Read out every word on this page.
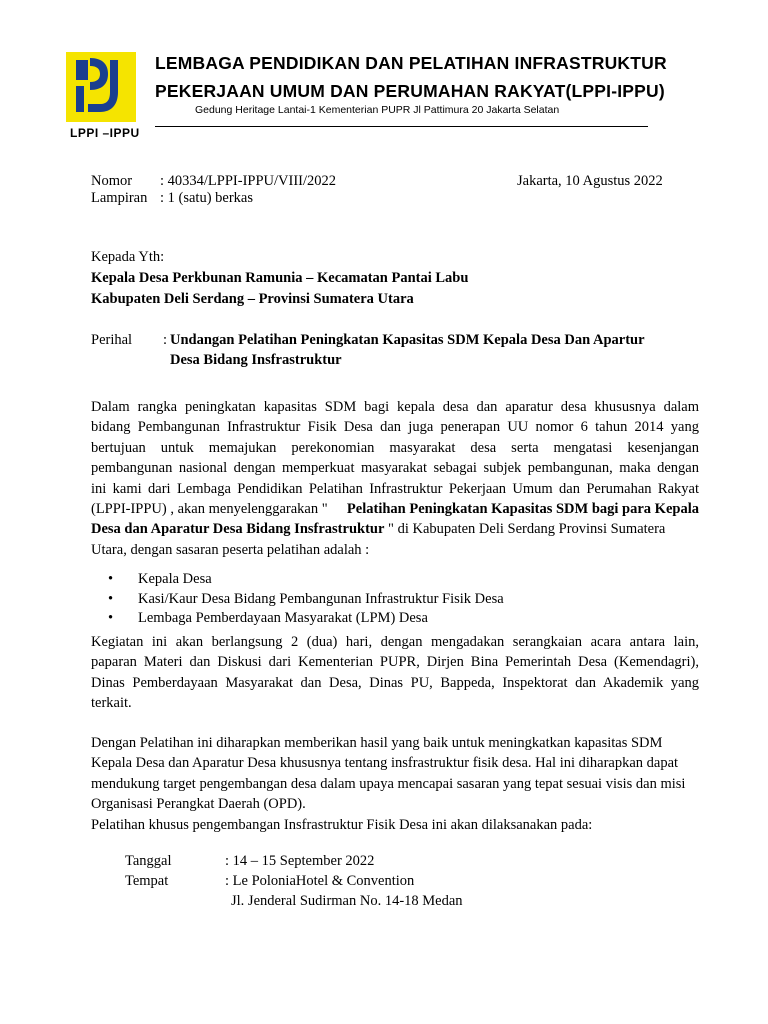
LPPI –IPPU
LEMBAGA PENDIDIKAN DAN PELATIHAN INFRASTRUKTUR
PEKERJAAN UMUM DAN PERUMAHAN RAKYAT(LPPI-IPPU)
Gedung Heritage Lantai-1 Kementerian PUPR Jl Pattimura 20 Jakarta Selatan
Nomor : 40334/LPPI-IPPU/VIII/2022	Jakarta, 10 Agustus 2022
Lampiran : 1 (satu) berkas
Kepada Yth:
Kepala Desa Perkbunan Ramunia – Kecamatan Pantai Labu
Kabupaten Deli Serdang – Provinsi Sumatera Utara
Perihal : Undangan Pelatihan Peningkatan Kapasitas SDM Kepala Desa Dan Apartur
Desa Bidang Insfrastruktur
Dalam rangka peningkatan kapasitas SDM bagi kepala desa dan aparatur desa khususnya dalam
bidang Pembangunan Infrastruktur Fisik Desa dan juga penerapan UU nomor 6 tahun 2014 yang
bertujuan untuk memajukan perekonomian masyarakat desa serta mengatasi kesenjangan
pembangunan nasional dengan memperkuat masyarakat sebagai subjek pembangunan, maka dengan
ini kami dari Lembaga Pendidikan Pelatihan Infrastruktur Pekerjaan Umum dan Perumahan Rakyat
(LPPI-IPPU) , akan menyelenggarakan " Pelatihan Peningkatan Kapasitas SDM bagi para Kepala
Desa dan Aparatur Desa Bidang Insfrastruktur " di Kabupaten Deli Serdang Provinsi Sumatera
Utara, dengan sasaran peserta pelatihan adalah :
• Kepala Desa
• Kasi/Kaur Desa Bidang Pembangunan Infrastruktur Fisik Desa
• Lembaga Pemberdayaan Masyarakat (LPM) Desa
Kegiatan ini akan berlangsung 2 (dua) hari, dengan mengadakan serangkaian acara antara lain,
paparan Materi dan Diskusi dari Kementerian PUPR, Dirjen Bina Pemerintah Desa (Kemendagri),
Dinas Pemberdayaan Masyarakat dan Desa, Dinas PU, Bappeda, Inspektorat dan Akademik yang
terkait.
Dengan Pelatihan ini diharapkan memberikan hasil yang baik untuk meningkatkan kapasitas SDM
Kepala Desa dan Aparatur Desa khususnya tentang insfrastruktur fisik desa. Hal ini diharapkan dapat
mendukung target pengembangan desa dalam upaya mencapai sasaran yang tepat sesuai visis dan misi
Organisasi Perangkat Daerah (OPD).
Pelatihan khusus pengembangan Insfrastruktur Fisik Desa ini akan dilaksanakan pada:
Tanggal	: 14 – 15 September 2022
Tempat	: Le PoloniaHotel & Convention
Jl. Jenderal Sudirman No. 14-18 Medan
